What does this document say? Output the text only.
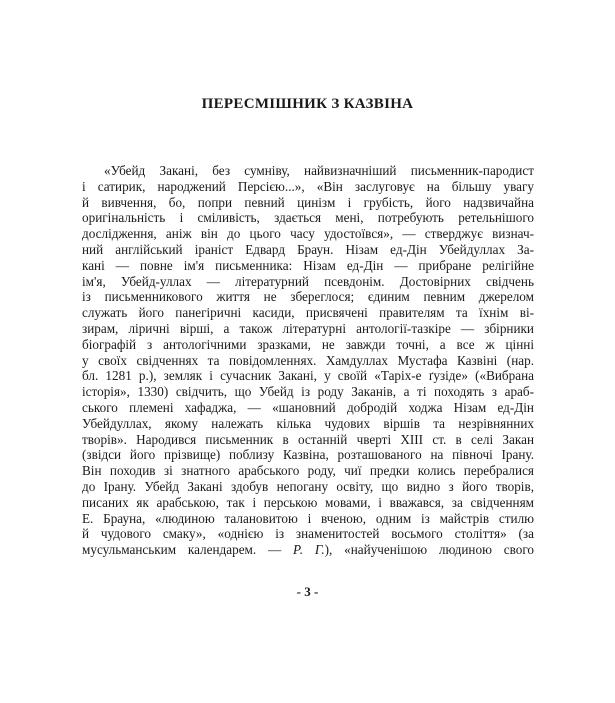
ПЕРЕСМІШНИК З КАЗВІНА
«Убейд Закані, без сумніву, найвизначніший письменник-пародист
і сатирик, народжений Персією...», «Він заслуговує на більшу увагу
й вивчення, бо, попри певний цинізм і грубість, його надзвичайна
оригінальність і сміливість, здається мені, потребують ретельнішого
дослідження, аніж він до цього часу удостоївся», — стверджує визнач-
ний англійський іраніст Едвард Браун. Нізам ед-Дін Убейдуллах За-
кані — повне ім'я письменника: Нізам ед-Дін — прибране релігійне
ім'я, Убейд-уллах — літературний псевдонім. Достовірних свідчень
із письменникового життя не збереглося; єдиним певним джерелом
служать його панегіричні касиди, присвячені правителям та їхнім ві-
зирам, ліричні вірші, а також літературні антології-тазкіре — збірники
біографій з антологічними зразками, не завжди точні, а все ж цінні
у своїх свідченнях та повідомленнях. Хамдуллах Мустафа Казвіні (нар.
бл. 1281 р.), земляк і сучасник Закані, у своїй «Таріх-е ґузіде» («Вибрана
історія», 1330) свідчить, що Убейд із роду Заканів, а ті походять з араб-
ського племені хафаджа, — «шановний добродій ходжа Нізам ед-Дін
Убейдуллах, якому належать кілька чудових віршів та незрівнянних
творів». Народився письменник в останній чверті XIII ст. в селі Закан
(звідси його прізвище) поблизу Казвіна, розташованого на півночі Ірану.
Він походив зі знатного арабського роду, чиї предки колись перебралися
до Ірану. Убейд Закані здобув непогану освіту, що видно з його творів,
писаних як арабською, так і перською мовами, і вважався, за свідченням
Е. Брауна, «людиною талановитою і вченою, одним із майстрів стилю
й чудового смаку», «однією із знаменитостей восьмого століття» (за
мусульманським календарем. — Р. Г.), «найученішою людиною свого
- 3 -
